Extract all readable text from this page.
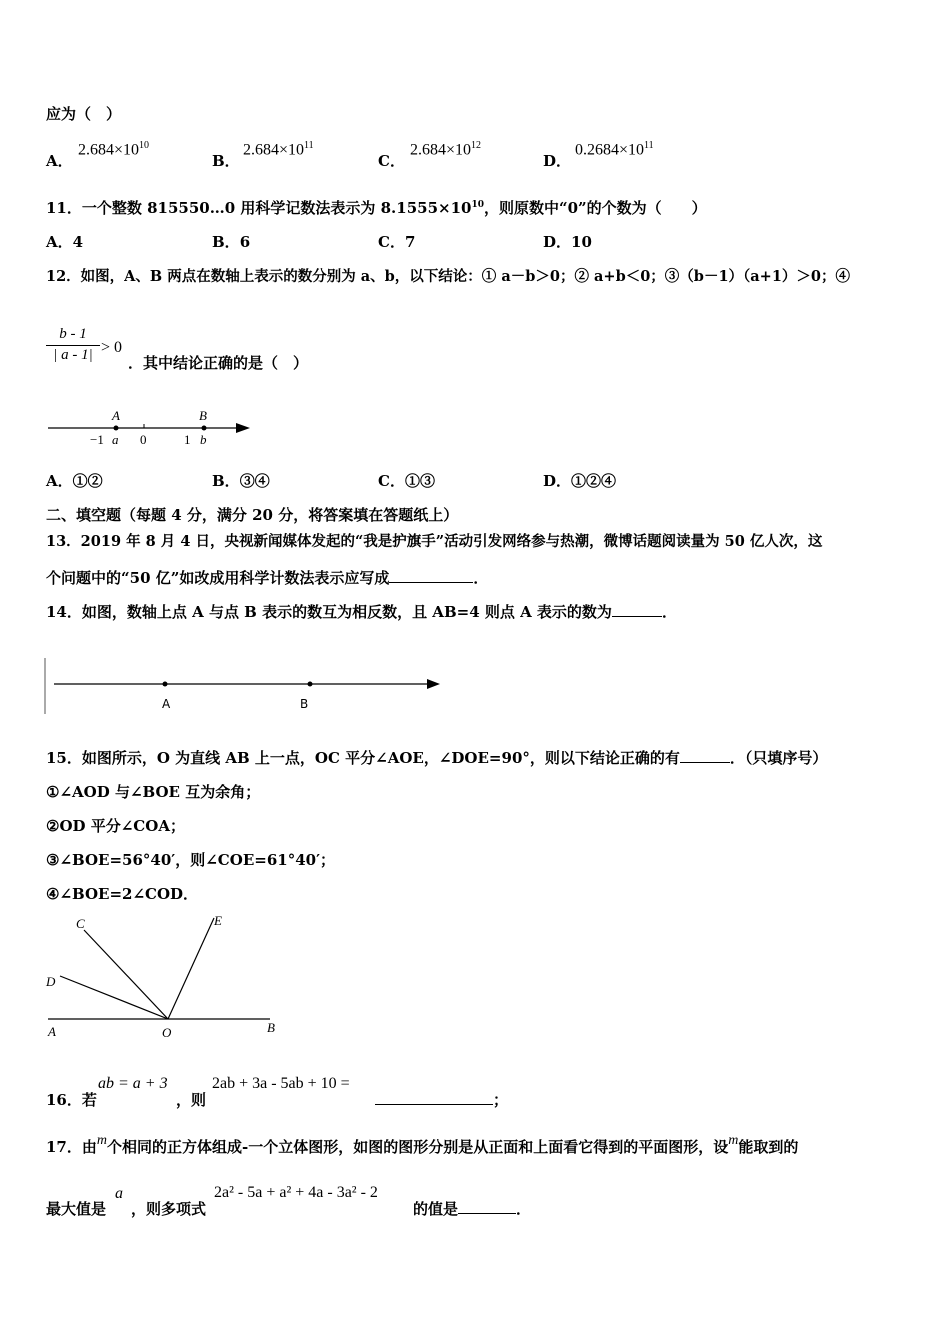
应为（　）
A．
$2.684\times 10^{10}$
B．
$2.684\times 10^{11}$
C．
$2.684\times 10^{12}$
D．
$0.2684\times 10^{11}$
11．一个整数 815550…0 用科学记数法表示为 $8.1555\times 10^{10}$，则原数中“0”的个数为（　　）
A．4	B．6	C．7	D．10
12．如图，A、B 两点在数轴上表示的数分别为 a、b，以下结论：① a－b＞0；② a+b＜0；③（b－1）（a+1）＞0；④
$\frac{b - 1}{| a - 1|} > 0$
．其中结论正确的是（　）
A	B
−1 a 0	1 b
A．①②	B．③④	C．①③	D．①②④
二、填空题（每题 4 分，满分 20 分，将答案填在答题纸上）
13．2019 年 8 月 4 日，央视新闻媒体发起的“我是护旗手”活动引发网络参与热潮，微博话题阅读量为 50 亿人次，这
个问题中的“50 亿”如改成用科学计数法表示应写成	．
14．如图，数轴上点 A 与点 B 表示的数互为相反数，且 AB=4 则点 A 表示的数为	．
A	B
15．如图所示，O 为直线 AB 上一点，OC 平分∠AOE，∠DOE=90°，则以下结论正确的有	．（只填序号）
①∠AOD 与∠BOE 互为余角；
②OD 平分∠COA；
③∠BOE=56°40′，则∠COE=61°40′；
④∠BOE=2∠COD．
C	E
D
A	O	B
16．若
ab = a + 3
，则
2ab + 3a - 5ab + 10 =
；
17．由m个相同的正方体组成-一个立体图形，如图的图形分别是从正面和上面看它得到的平面图形，设m能取到的
最大值是
a
，则多项式
2a² - 5a + a² + 4a - 3a² - 2
的值是	．
